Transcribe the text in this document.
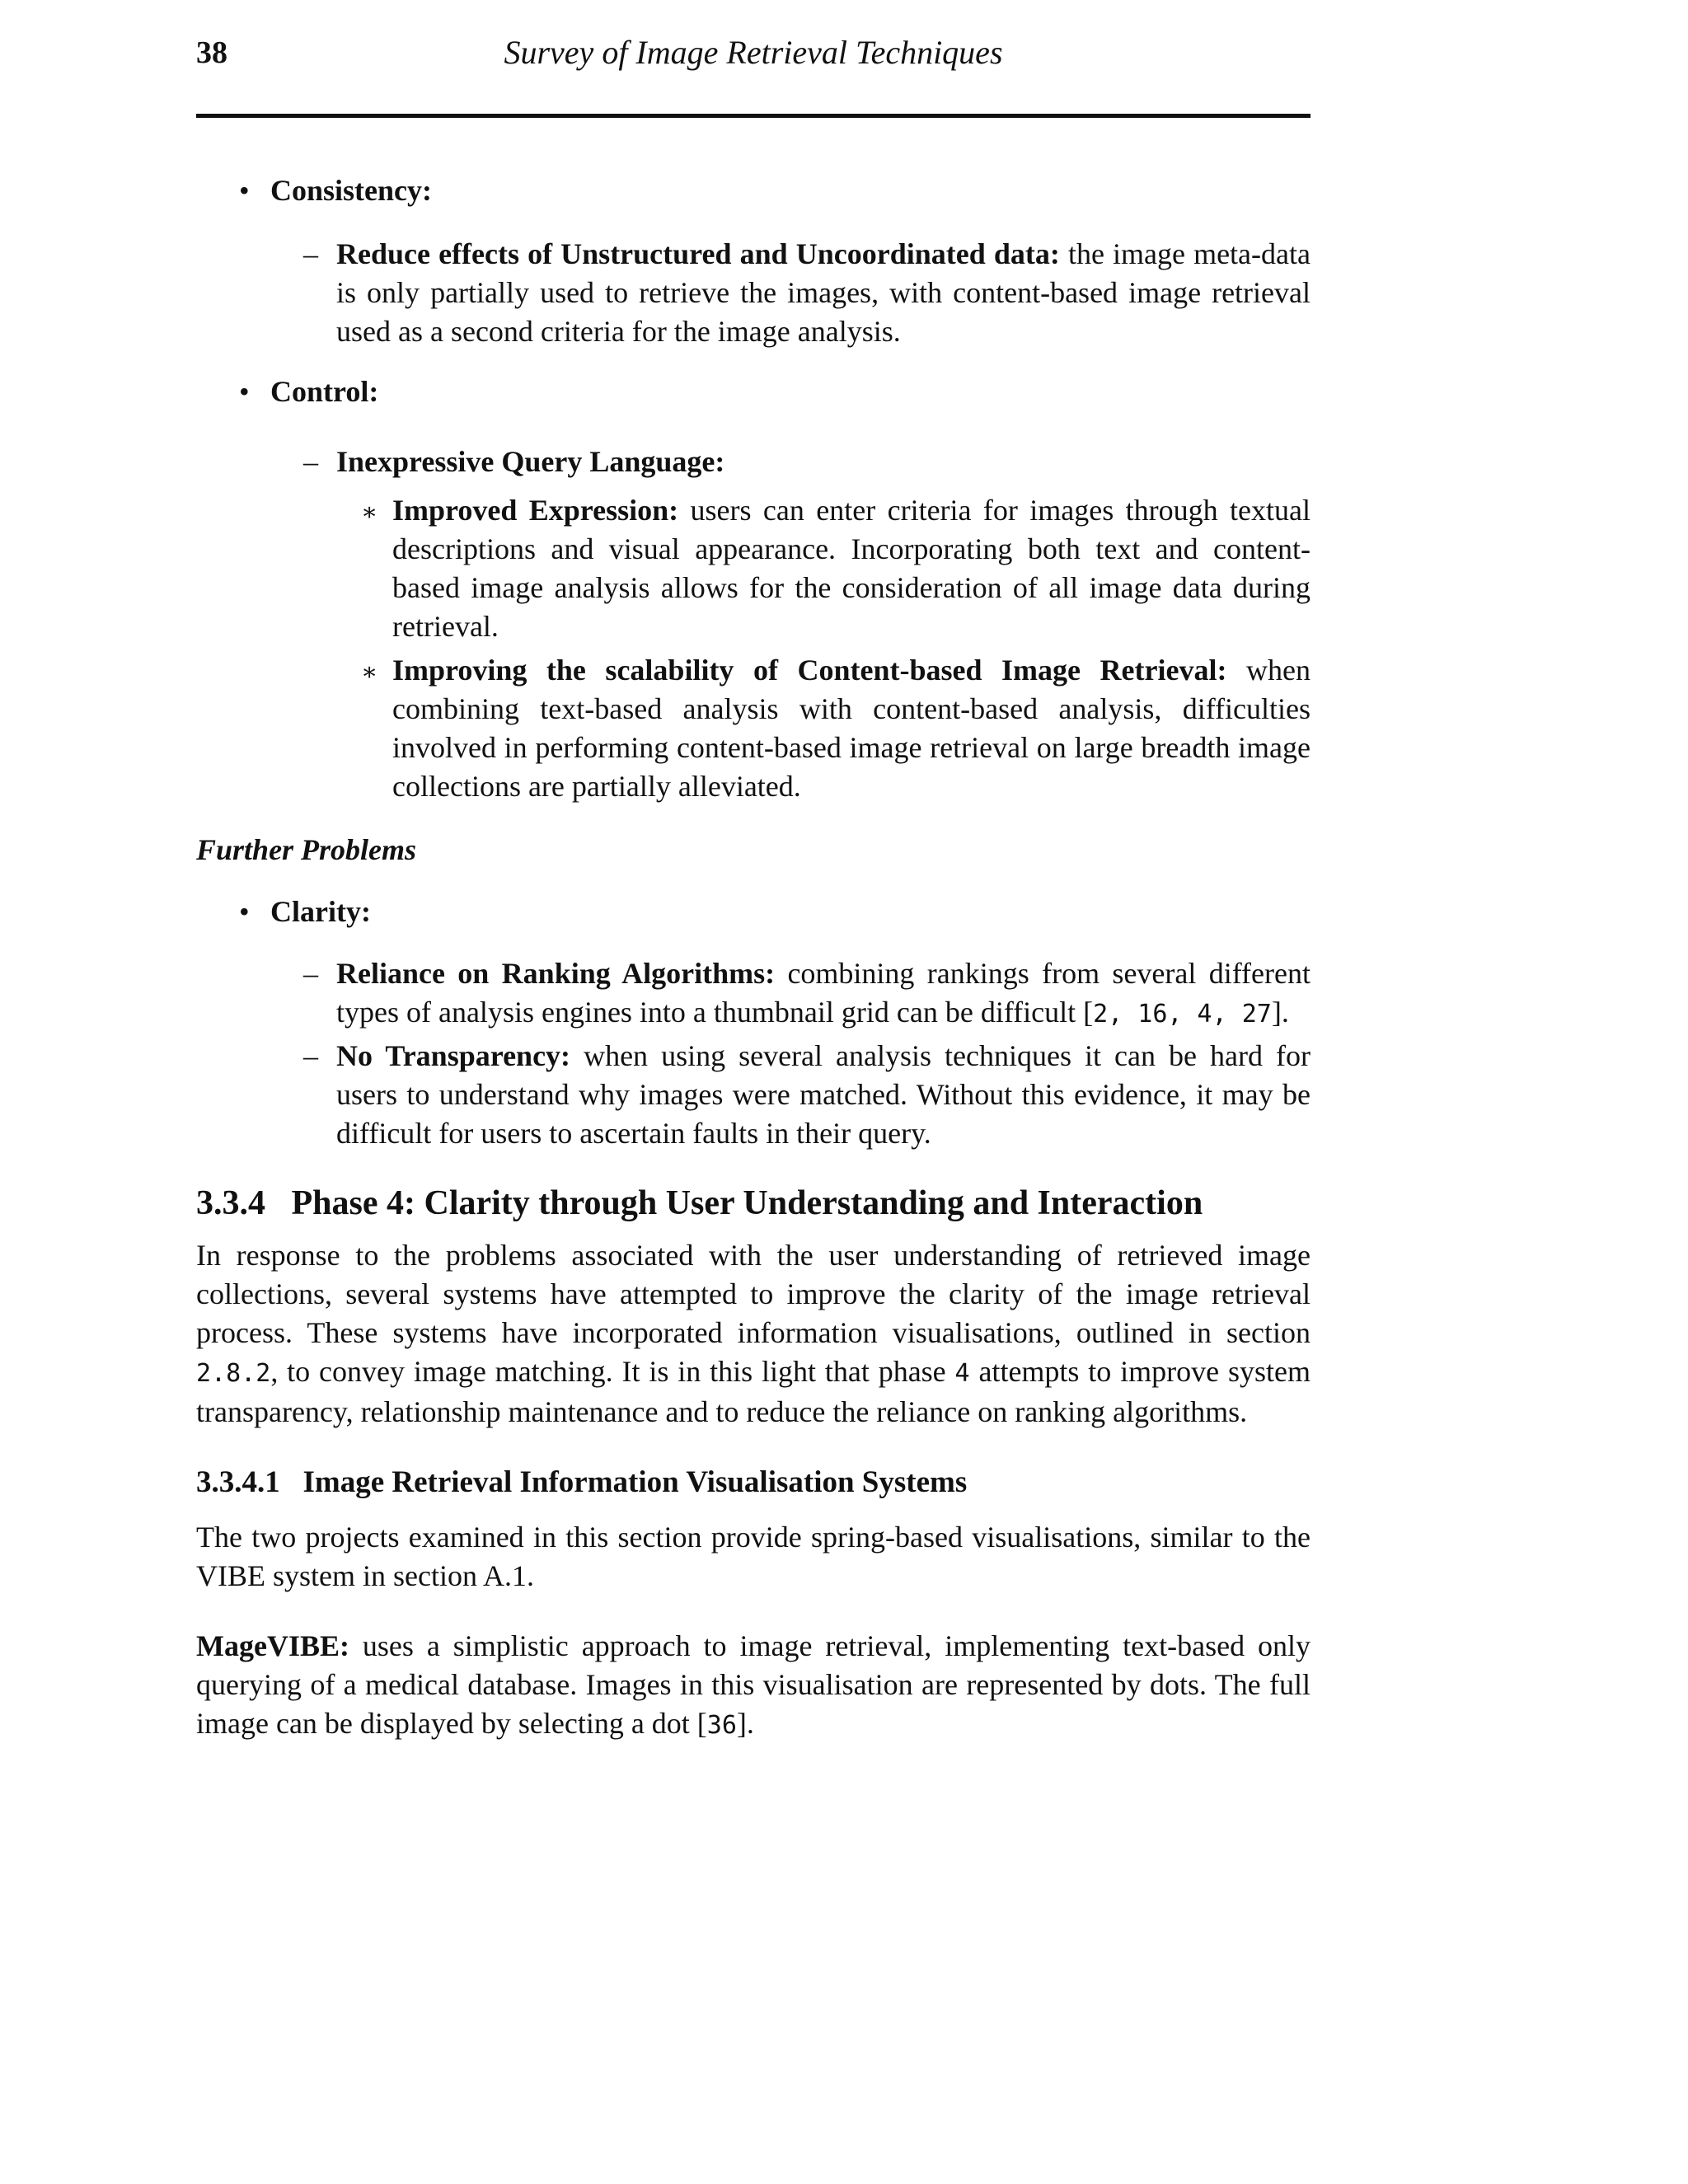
38	Survey of Image Retrieval Techniques
• Consistency:
– Reduce effects of Unstructured and Uncoordinated data: the image meta-data is only partially used to retrieve the images, with content-based image retrieval used as a second criteria for the image analysis.
• Control:
– Inexpressive Query Language:
∗ Improved Expression: users can enter criteria for images through textual descriptions and visual appearance. Incorporating both text and content-based image analysis allows for the consideration of all image data during retrieval.
∗ Improving the scalability of Content-based Image Retrieval: when combining text-based analysis with content-based analysis, difficulties involved in performing content-based image retrieval on large breadth image collections are partially alleviated.

Further Problems

• Clarity:
– Reliance on Ranking Algorithms: combining rankings from several different types of analysis engines into a thumbnail grid can be difficult [2, 16, 4, 27].
– No Transparency: when using several analysis techniques it can be hard for users to understand why images were matched. Without this evidence, it may be difficult for users to ascertain faults in their query.

3.3.4 Phase 4: Clarity through User Understanding and Interaction

In response to the problems associated with the user understanding of retrieved image collections, several systems have attempted to improve the clarity of the image retrieval process. These systems have incorporated information visualisations, outlined in section 2.8.2, to convey image matching. It is in this light that phase 4 attempts to improve system transparency, relationship maintenance and to reduce the reliance on ranking algorithms.

3.3.4.1 Image Retrieval Information Visualisation Systems

The two projects examined in this section provide spring-based visualisations, similar to the VIBE system in section A.1.

MageVIBE: uses a simplistic approach to image retrieval, implementing text-based only querying of a medical database. Images in this visualisation are represented by dots. The full image can be displayed by selecting a dot [36].
